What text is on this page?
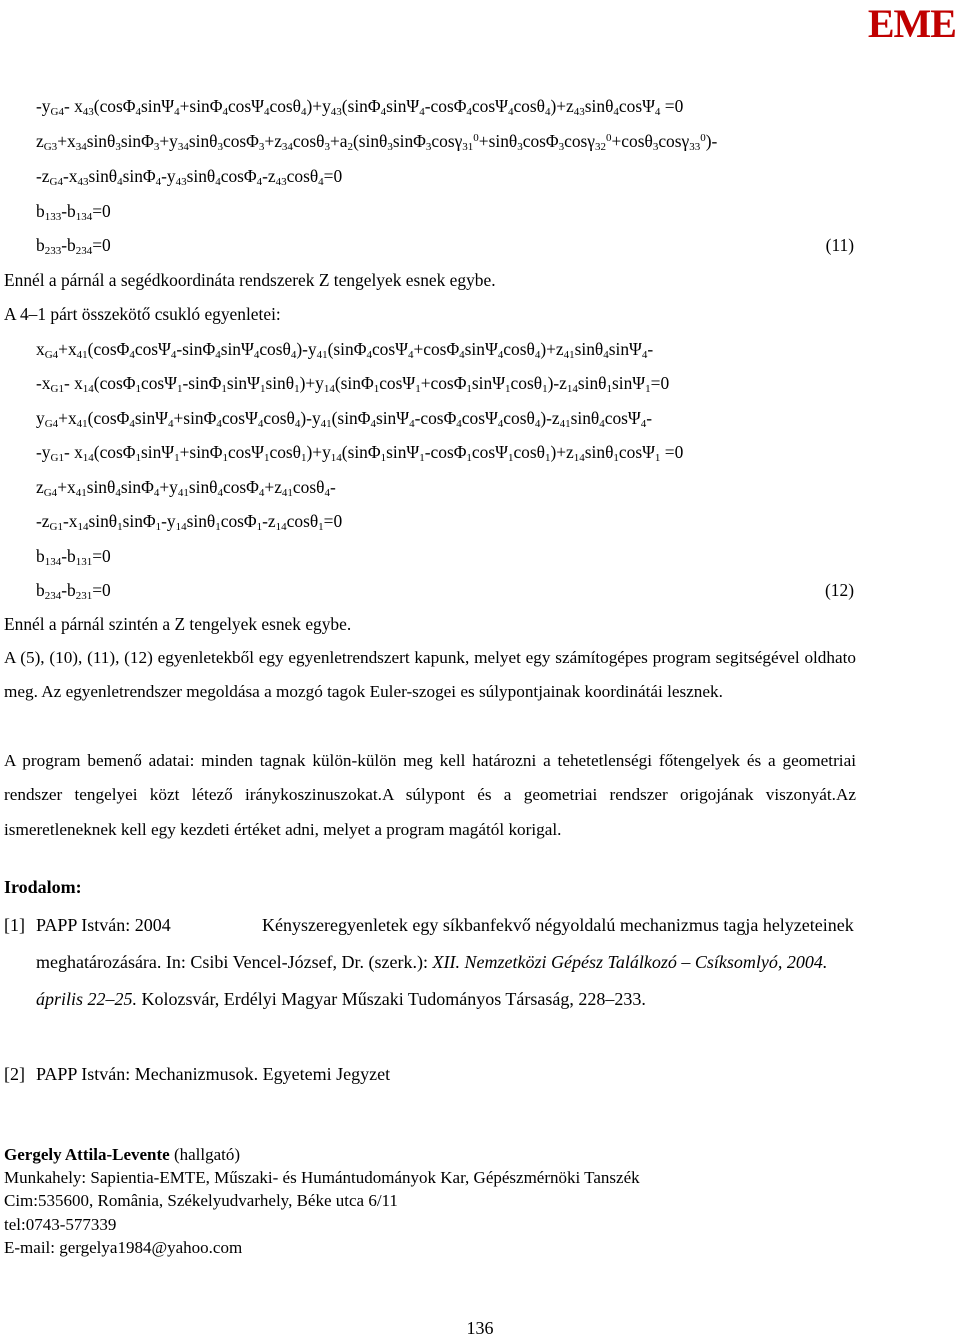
EME
$-y_{G4}-$ $x_{43}(\cos\Phi_4\sin\Psi_4+\sin\Phi_4\cos\Psi_4\cos\theta_4)+y_{43}(\sin\Phi_4\sin\Psi_4-\cos\Phi_4\cos\Psi_4\cos\theta_4)+z_{43}\sin\theta_4\cos\Psi_4 =0$
$z_{G3}+x_{34}\sin\theta_3\sin\Phi_3+y_{34}\sin\theta_3\cos\Phi_3+z_{34}\cos\theta_3+a_2(\sin\theta_3\sin\Phi_3\cos\gamma_{31}^0+\sin\theta_3\cos\Phi_3\cos\gamma_{32}^0+\cos\theta_3\cos\gamma_{33}^0)-$
$-z_{G4}-x_{43}\sin\theta_4\sin\Phi_4-y_{43}\sin\theta_4\cos\Phi_4-z_{43}\cos\theta_4=0$
$b_{133}-b_{134}=0$
$b_{233}-b_{234}=0$	(11)
Ennél a párnál a segédkoordináta rendszerek Z tengelyek esnek egybe.
A 4‒1 párt összekötő csukló egyenletei:
$x_{G4}+x_{41}(\cos\Phi_4\cos\Psi_4-\sin\Phi_4\sin\Psi_4\cos\theta_4)-y_{41}(\sin\Phi_4\cos\Psi_4+\cos\Phi_4\sin\Psi_4\cos\theta_4)+z_{41}\sin\theta_4\sin\Psi_4-$
$-x_{G1}-$ $x_{14}(\cos\Phi_1\cos\Psi_1-\sin\Phi_1\sin\Psi_1\sin\theta_1)+y_{14}(\sin\Phi_1\cos\Psi_1+\cos\Phi_1\sin\Psi_1\cos\theta_1)-z_{14}\sin\theta_1\sin\Psi_1=0$
$y_{G4}+x_{41}(\cos\Phi_4\sin\Psi_4+\sin\Phi_4\cos\Psi_4\cos\theta_4)-y_{41}(\sin\Phi_4\sin\Psi_4-\cos\Phi_4\cos\Psi_4\cos\theta_4)-z_{41}\sin\theta_4\cos\Psi_4-$
$-y_{G1}-$ $x_{14}(\cos\Phi_1\sin\Psi_1+\sin\Phi_1\cos\Psi_1\cos\theta_1)+y_{14}(\sin\Phi_1\sin\Psi_1-\cos\Phi_1\cos\Psi_1\cos\theta_1)+z_{14}\sin\theta_1\cos\Psi_1 =0$
$z_{G4}+x_{41}\sin\theta_4\sin\Phi_4+y_{41}\sin\theta_4\cos\Phi_4+z_{41}\cos\theta_4-$
$-z_{G1}-x_{14}\sin\theta_1\sin\Phi_1-y_{14}\sin\theta_1\cos\Phi_1-z_{14}\cos\theta_1=0$
$b_{134}-b_{131}=0$
$b_{234}-b_{231}=0$	(12)
Ennél a párnál szintén a Z tengelyek esnek egybe.
A (5), (10), (11), (12) egyenletekből egy egyenletrendszert kapunk, melyet egy számítogépes program segitségével oldhato meg. Az egyenletrendszer megoldása a mozgó tagok Euler-szogei es súlypontjainak koordinátái lesznek.
A program bemenő adatai: minden tagnak külön-külön meg kell határozni a tehetetlenségi főtengelyek és a geometriai rendszer tengelyei közt létező iránykoszinuszokat.A súlypont és a geometriai rendszer origojának viszonyát.Az ismeretleneknek kell egy kezdeti értéket adni, melyet a program magától korigal.
Irodalom:
[1] PAPP István: 2004	Kényszeregyenletek egy síkbanfekvő négyoldalú mechanizmus tagja helyzeteinek meghatározására. In: Csibi Vencel-József, Dr. (szerk.): XII. Nemzetközi Gépész Találkozó – Csíksomlyó, 2004. április 22–25. Kolozsvár, Erdélyi Magyar Műszaki Tudományos Társaság, 228–233.
[2] PAPP István: Mechanizmusok. Egyetemi Jegyzet
Gergely Attila-Levente (hallgató)
Munkahely: Sapientia-EMTE, Műszaki- és Humántudományok Kar, Gépészmérnöki Tanszék
Cim:535600, România, Székelyudvarhely, Béke utca 6/11
tel:0743-577339
E-mail: gergelya1984@yahoo.com
136
